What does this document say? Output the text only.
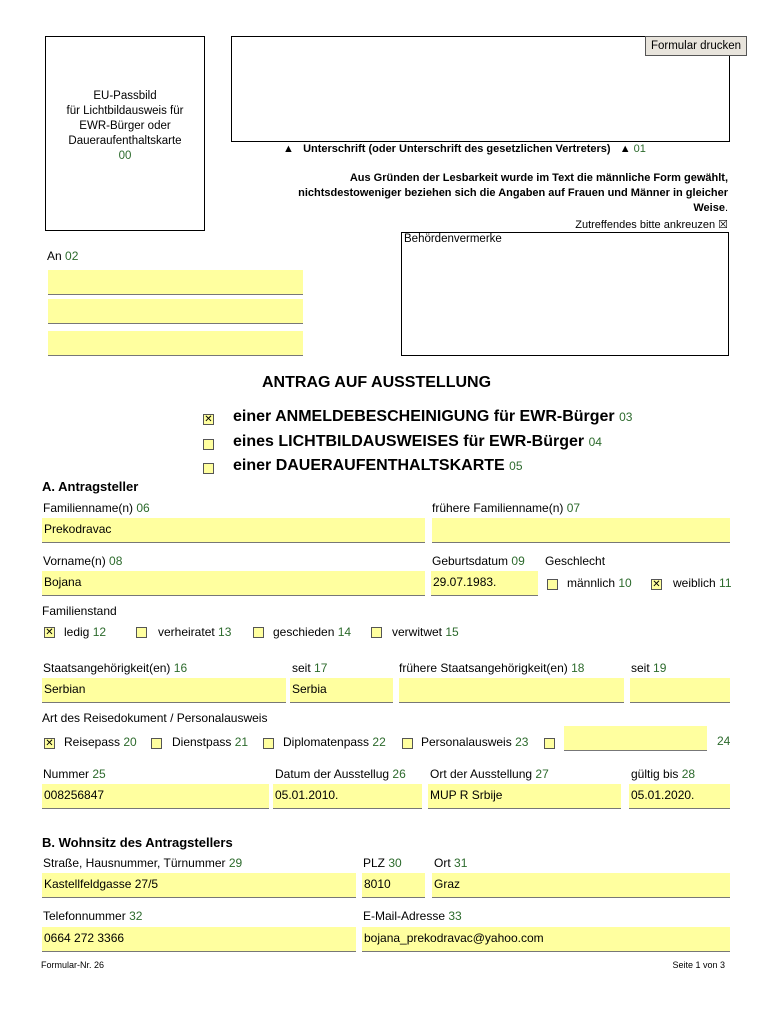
EU-Passbild
für Lichtbildausweis für
EWR-Bürger oder
Daueraufenthaltskarte
00
Formular drucken
▲ Unterschrift (oder Unterschrift des gesetzlichen Vertreters) ▲ 01
Aus Gründen der Lesbarkeit wurde im Text die männliche Form gewählt,
nichtsdestoweniger beziehen sich die Angaben auf Frauen und Männer in gleicher
Weise.
Zutreffendes bitte ankreuzen ☒
Behördenvermerke
An 02
ANTRAG AUF AUSSTELLUNG
✕ einer ANMELDEBESCHEINIGUNG für EWR-Bürger 03
eines LICHTBILDAUSWEISES für EWR-Bürger 04
einer DAUERAUFENTHALTSKARTE 05
A. Antragsteller
Familienname(n) 06
Prekodravac
frühere Familienname(n) 07
Vorname(n) 08
Bojana
Geburtsdatum 09
29.07.1983.
Geschlecht
männlich 10 ✕ weiblich 11
Familienstand
✕ ledig 12	verheiratet 13	geschieden 14	verwitwet 15
Staatsangehörigkeit(en) 16
Serbian
seit 17
Serbia
frühere Staatsangehörigkeit(en) 18	seit 19
Art des Reisedokument / Personalausweis
✕ Reisepass 20	Dienstpass 21	Diplomatenpass 22	Personalausweis 23	24
Nummer 25
008256847
Datum der Ausstellug 26
05.01.2010.
Ort der Ausstellung 27
MUP R Srbije
gültig bis 28
05.01.2020.
B. Wohnsitz des Antragstellers
Straße, Hausnummer, Türnummer 29
Kastellfeldgasse 27/5
PLZ 30
8010
Ort 31
Graz
Telefonnummer 32
0664 272 3366
E-Mail-Adresse 33
bojana_prekodravac@yahoo.com
Formular-Nr. 26	Seite 1 von 3
